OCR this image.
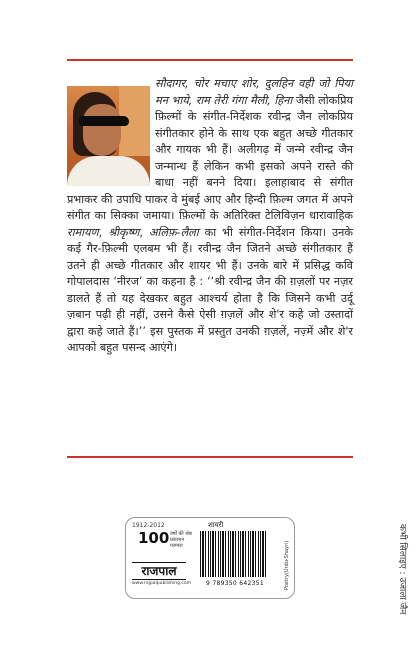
सौदागर, चोर मचाए शोर, दुलहिन वही जो पिया मन भाये, राम तेरी गंगा मैली, हिना जैसी लोकप्रिय फ़िल्मों के संगीत-निर्देशक रवीन्द्र जैन लोकप्रिय संगीतकार होने के साथ एक बहुत अच्छे गीतकार और गायक भी हैं। अलीगढ़ में जन्मे रवीन्द्र जैन जन्मान्ध हैं लेकिन कभी इसको अपने रास्ते की बाधा नहीं बनने दिया। इलाहाबाद से संगीत प्रभाकर की उपाधि पाकर वे मुंबई आए और हिन्दी फ़िल्म जगत में अपने संगीत का सिक्का जमाया। फ़िल्मों के अतिरिक्त टेलिविज़न धारावाहिक रामायण, श्रीकृष्ण, अलिफ़-लैला का भी संगीत-निर्देशन किया। उनके कई गैर-फ़िल्मी एलबम भी हैं। रवीन्द्र जैन जितने अच्छे संगीतकार हैं उतने ही अच्छे गीतकार और शायर भी हैं। उनके बारे में प्रसिद्ध कवि गोपालदास ‘नीरज’ का कहना है : ‘‘श्री रवीन्द्र जैन की ग़ज़लों पर नज़र डालते हैं तो यह देखकर बहुत आश्चर्य होता है कि जिसने कभी उर्दू ज़बान पढ़ी ही नहीं, उसने कैसे ऐसी ग़ज़लें और शे'र कहे जो उस्तादों द्वारा कहे जाते हैं।’’ इस पुस्तक में प्रस्तुत उनकी ग़ज़लें, नज़्में और शे'र आपको बहुत पसन्द आएंगे।

1912-2012
100 वर्षों की श्रेष्ठ प्रकाशन परम्परा
राजपाल
www.rajpalpublishing.com
शायरी
9 789350 642351	Poetry(Urdu-Shayri)	कभी सिलाइए : उजाला जैन
